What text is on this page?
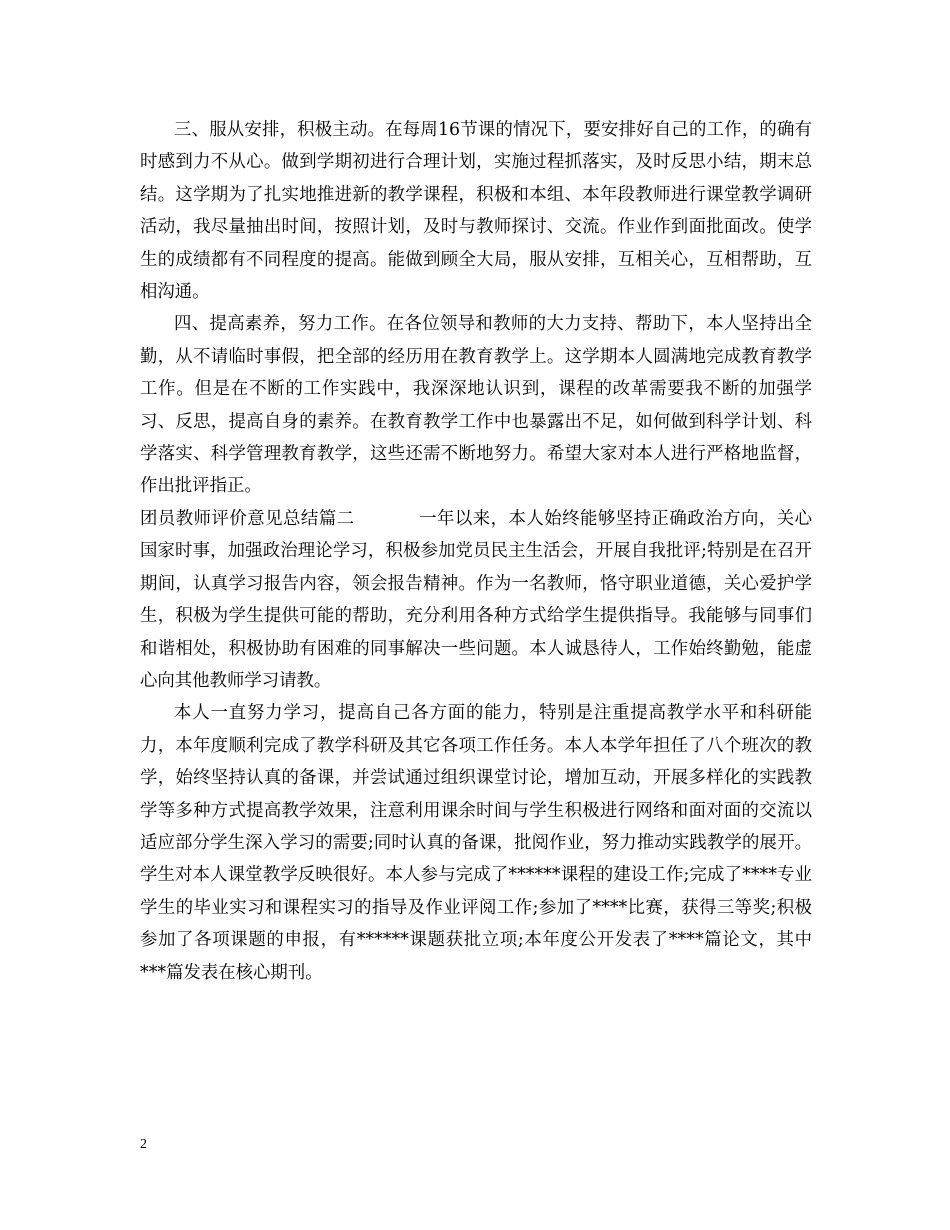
三、服从安排，积极主动。在每周16节课的情况下，要安排好自己的工作，的确有时感到力不从心。做到学期初进行合理计划，实施过程抓落实，及时反思小结，期末总结。这学期为了扎实地推进新的教学课程，积极和本组、本年段教师进行课堂教学调研活动，我尽量抽出时间，按照计划，及时与教师探讨、交流。作业作到面批面改。使学生的成绩都有不同程度的提高。能做到顾全大局，服从安排，互相关心，互相帮助，互相沟通。

四、提高素养，努力工作。在各位领导和教师的大力支持、帮助下，本人坚持出全勤，从不请临时事假，把全部的经历用在教育教学上。这学期本人圆满地完成教育教学工作。但是在不断的工作实践中，我深深地认识到，课程的改革需要我不断的加强学习、反思，提高自身的素养。在教育教学工作中也暴露出不足，如何做到科学计划、科学落实、科学管理教育教学，这些还需不断地努力。希望大家对本人进行严格地监督，作出批评指正。

团员教师评价意见总结篇二	一年以来，本人始终能够坚持正确政治方向，关心国家时事，加强政治理论学习，积极参加党员民主生活会，开展自我批评;特别是在召开期间，认真学习报告内容，领会报告精神。作为一名教师，恪守职业道德，关心爱护学生，积极为学生提供可能的帮助，充分利用各种方式给学生提供指导。我能够与同事们和谐相处，积极协助有困难的同事解决一些问题。本人诚恳待人，工作始终勤勉，能虚心向其他教师学习请教。

本人一直努力学习，提高自己各方面的能力，特别是注重提高教学水平和科研能力，本年度顺利完成了教学科研及其它各项工作任务。本人本学年担任了八个班次的教学，始终坚持认真的备课，并尝试通过组织课堂讨论，增加互动，开展多样化的实践教学等多种方式提高教学效果，注意利用课余时间与学生积极进行网络和面对面的交流以适应部分学生深入学习的需要;同时认真的备课，批阅作业，努力推动实践教学的展开。学生对本人课堂教学反映很好。本人参与完成了******课程的建设工作;完成了****专业学生的毕业实习和课程实习的指导及作业评阅工作;参加了****比赛，获得三等奖;积极参加了各项课题的申报，有******课题获批立项;本年度公开发表了****篇论文，其中***篇发表在核心期刊。

2
